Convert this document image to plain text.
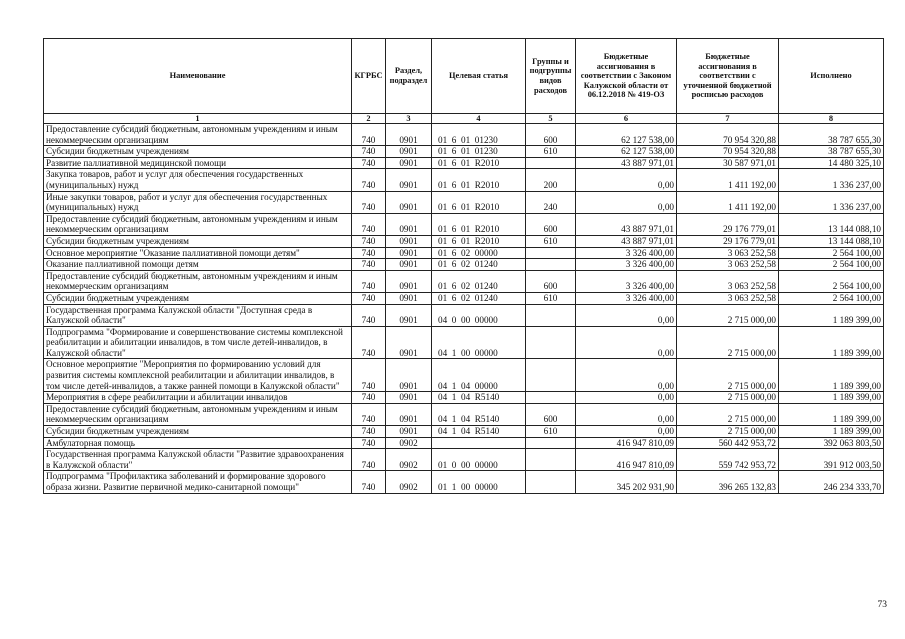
Наименование	КГРБС	Раздел, подраздел	Целевая статья	Группы и подгруппы видов расходов	Бюджетные ассигнования в соответствии с Законом Калужской области от 06.12.2018 № 419-ОЗ	Бюджетные ассигнования в соответствии с уточненной бюджетной росписью расходов	Исполнено
1	2	3	4	5	6	7	8
Предоставление субсидий бюджетным, автономным учреждениям и иным некоммерческим организациям	740	0901	01  6  01  01230	600	62 127 538,00	70 954 320,88	38 787 655,30
Субсидии бюджетным учреждениям	740	0901	01  6  01  01230	610	62 127 538,00	70 954 320,88	38 787 655,30
Развитие паллиативной медицинской помощи	740	0901	01  6  01  R2010		43 887 971,01	30 587 971,01	14 480 325,10
Закупка товаров, работ и услуг для обеспечения государственных (муниципальных) нужд	740	0901	01  6  01  R2010	200	0,00	1 411 192,00	1 336 237,00
Иные закупки товаров, работ и услуг для обеспечения государственных (муниципальных) нужд	740	0901	01  6  01  R2010	240	0,00	1 411 192,00	1 336 237,00
Предоставление субсидий бюджетным, автономным учреждениям и иным некоммерческим организациям	740	0901	01  6  01  R2010	600	43 887 971,01	29 176 779,01	13 144 088,10
Субсидии бюджетным учреждениям	740	0901	01  6  01  R2010	610	43 887 971,01	29 176 779,01	13 144 088,10
Основное мероприятие "Оказание паллиативной помощи детям"	740	0901	01  6  02  00000		3 326 400,00	3 063 252,58	2 564 100,00
Оказание паллиативной помощи детям	740	0901	01  6  02  01240		3 326 400,00	3 063 252,58	2 564 100,00
Предоставление субсидий бюджетным, автономным учреждениям и иным некоммерческим организациям	740	0901	01  6  02  01240	600	3 326 400,00	3 063 252,58	2 564 100,00
Субсидии бюджетным учреждениям	740	0901	01  6  02  01240	610	3 326 400,00	3 063 252,58	2 564 100,00
Государственная программа Калужской области "Доступная среда в Калужской области"	740	0901	04  0  00  00000		0,00	2 715 000,00	1 189 399,00
Подпрограмма "Формирование и совершенствование системы комплексной реабилитации и абилитации инвалидов, в том числе детей-инвалидов, в Калужской области"	740	0901	04  1  00  00000		0,00	2 715 000,00	1 189 399,00
Основное мероприятие "Мероприятия по формированию условий для развития системы комплексной реабилитации и абилитации инвалидов, в том числе детей-инвалидов, а также ранней помощи в Калужской области"	740	0901	04  1  04  00000		0,00	2 715 000,00	1 189 399,00
Мероприятия в сфере реабилитации и абилитации инвалидов	740	0901	04  1  04  R5140		0,00	2 715 000,00	1 189 399,00
Предоставление субсидий бюджетным, автономным учреждениям и иным некоммерческим организациям	740	0901	04  1  04  R5140	600	0,00	2 715 000,00	1 189 399,00
Субсидии бюджетным учреждениям	740	0901	04  1  04  R5140	610	0,00	2 715 000,00	1 189 399,00
Амбулаторная помощь	740	0902			416 947 810,09	560 442 953,72	392 063 803,50
Государственная программа Калужской области "Развитие здравоохранения в Калужской области"	740	0902	01  0  00  00000		416 947 810,09	559 742 953,72	391 912 003,50
Подпрограмма "Профилактика заболеваний и формирование здорового образа жизни. Развитие первичной медико-санитарной помощи"	740	0902	01  1  00  00000		345 202 931,90	396 265 132,83	246 234 333,70
73
